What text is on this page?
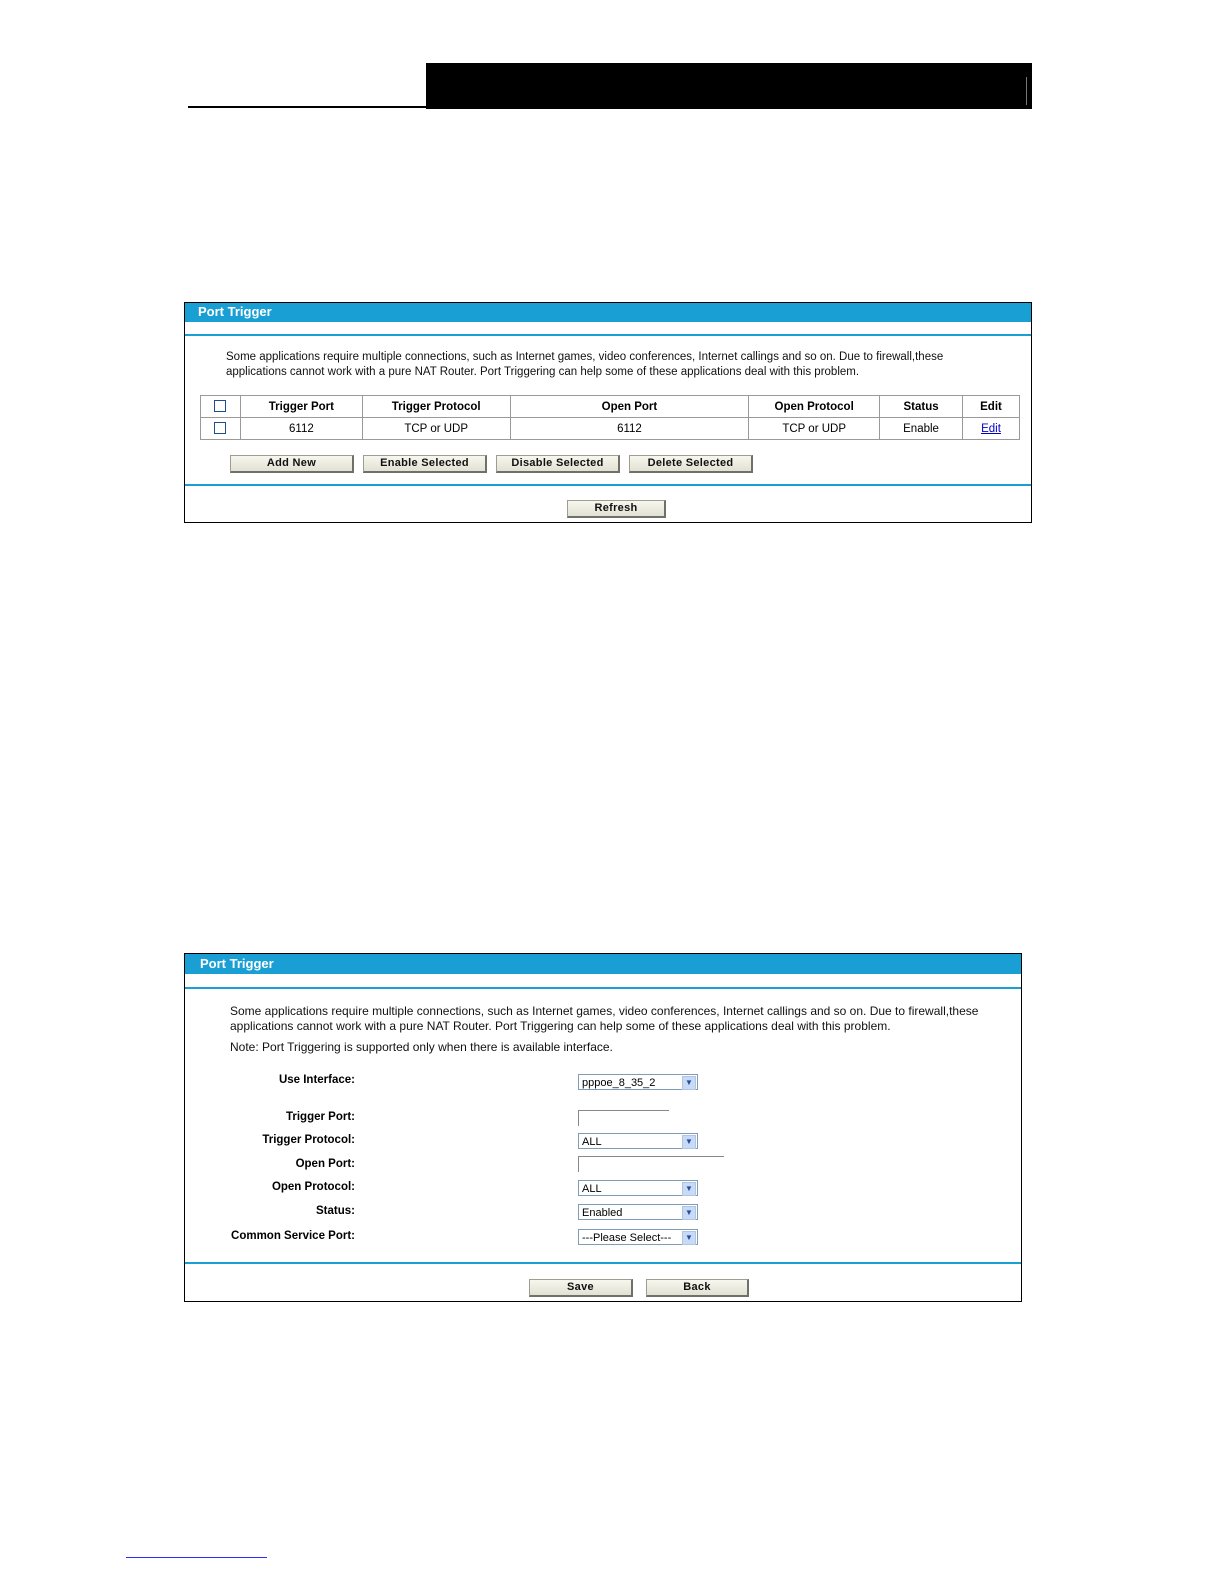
Port Trigger
Some applications require multiple connections, such as Internet games, video conferences, Internet callings and so on. Due to firewall,these
applications cannot work with a pure NAT Router. Port Triggering can help some of these applications deal with this problem.
	Trigger Port	Trigger Protocol	Open Port	Open Protocol	Status	Edit
	6112	TCP or UDP	6112	TCP or UDP	Enable	Edit
Add New	Enable Selected	Disable Selected	Delete Selected
Refresh
Port Trigger
Some applications require multiple connections, such as Internet games, video conferences, Internet callings and so on. Due to firewall,these
applications cannot work with a pure NAT Router. Port Triggering can help some of these applications deal with this problem.
Note: Port Triggering is supported only when there is available interface.
Use Interface:	pppoe_8_35_2	▼
Trigger Port:
Trigger Protocol:	ALL	▼
Open Port:
Open Protocol:	ALL	▼
Status:	Enabled	▼
Common Service Port:	---Please Select---	▼
Save	Back
